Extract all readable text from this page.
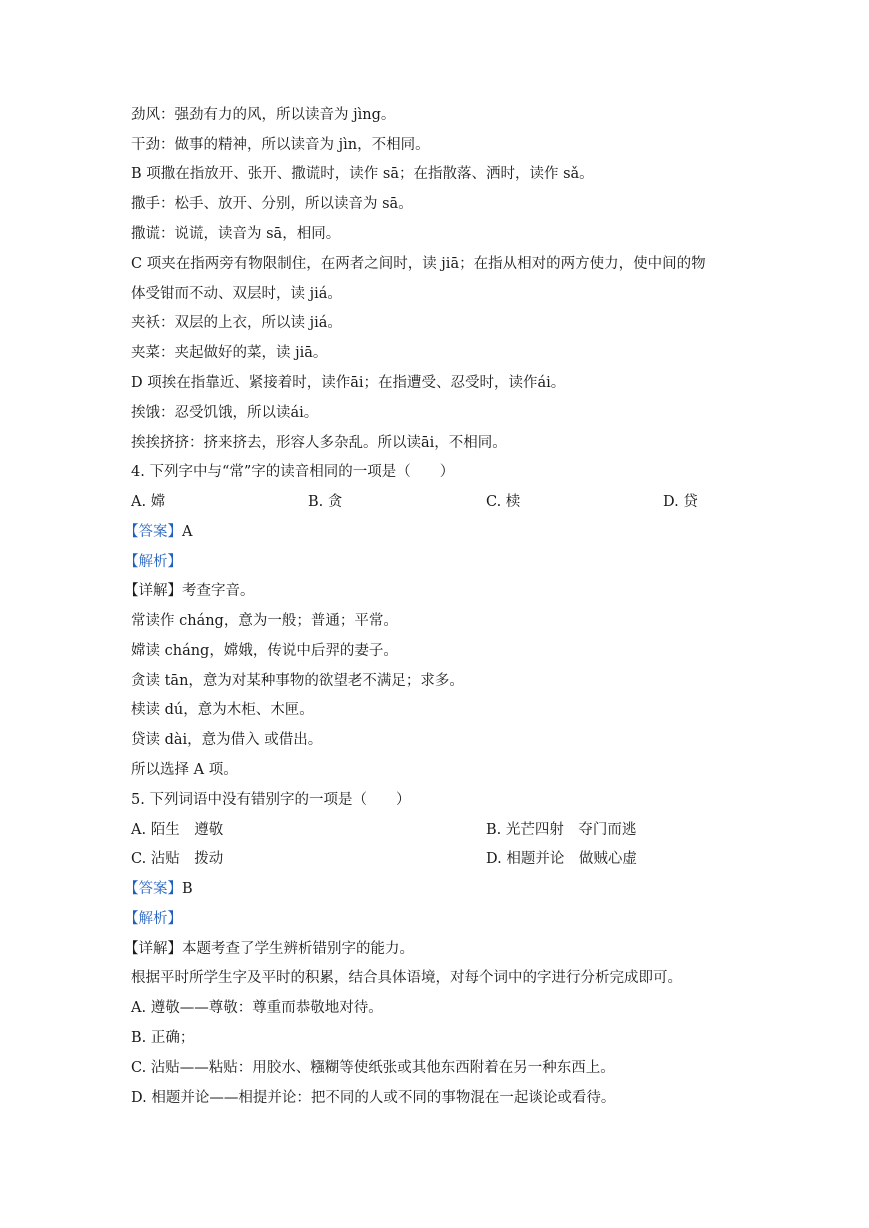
劲风：强劲有力的风，所以读音为 jìng。
干劲：做事的精神，所以读音为 jìn，不相同。
B 项撒在指放开、张开、撒谎时，读作 sā；在指散落、洒时，读作 sǎ。
撒手：松手、放开、分别，所以读音为 sā。
撒谎：说谎，读音为 sā，相同。
C 项夹在指两旁有物限制住，在两者之间时，读 jiā；在指从相对的两方使力，使中间的物
体受钳而不动、双层时，读 jiá。
夹袄：双层的上衣，所以读 jiá。
夹菜：夹起做好的菜，读 jiā。
D 项挨在指靠近、紧接着时，读作āi；在指遭受、忍受时，读作ái。
挨饿：忍受饥饿，所以读ái。
挨挨挤挤：挤来挤去，形容人多杂乱。所以读āi，不相同。
4. 下列字中与“常”字的读音相同的一项是（　　）
A. 嫦	B. 贪	C. 椟	D. 贷
【答案】A
【解析】
【详解】考查字音。
常读作 cháng，意为一般；普通；平常。
嫦读 cháng，嫦娥，传说中后羿的妻子。
贪读 tān，意为对某种事物的欲望老不满足；求多。
椟读 dú，意为木柜、木匣。
贷读 dài，意为借入 或借出。
所以选择 A 项。
5. 下列词语中没有错别字的一项是（　　）
A. 陌生　遵敬	B. 光芒四射　夺门而逃
C. 沾贴　拨动	D. 相题并论　做贼心虚
【答案】B
【解析】
【详解】本题考查了学生辨析错别字的能力。
根据平时所学生字及平时的积累，结合具体语境，对每个词中的字进行分析完成即可。
A. 遵敬——尊敬：尊重而恭敬地对待。
B. 正确；
C. 沾贴——粘贴：用胶水、糨糊等使纸张或其他东西附着在另一种东西上。
D. 相题并论——相提并论：把不同的人或不同的事物混在一起谈论或看待。
